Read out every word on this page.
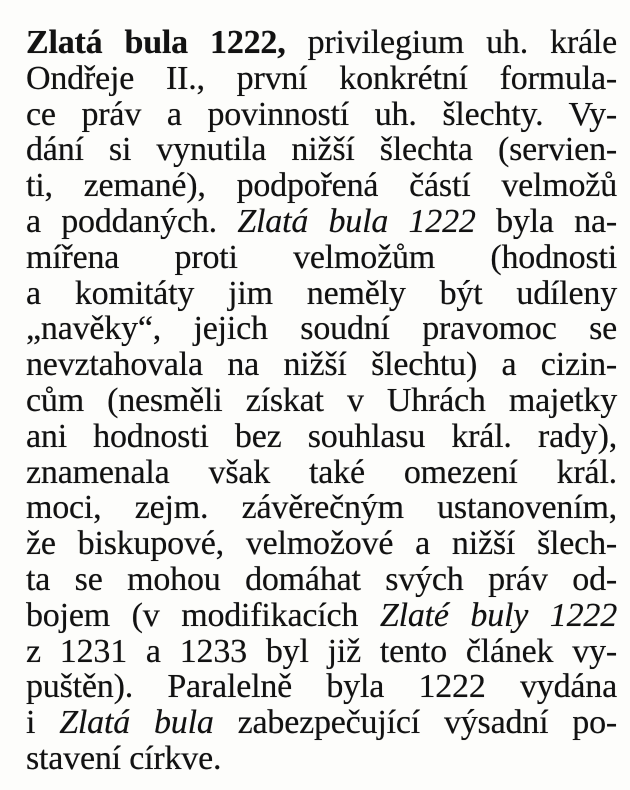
Zlatá bula 1222, privilegium uh. krále
Ondřeje II., první konkrétní formula-
ce práv a povinností uh. šlechty. Vy-
dání si vynutila nižší šlechta (servien-
ti, zemané), podpořená částí velmožů
a poddaných. Zlatá bula 1222 byla na-
mířena proti velmožům (hodnosti
a komitáty jim neměly být udíleny
„navěky“, jejich soudní pravomoc se
nevztahovala na nižší šlechtu) a cizin-
cům (nesměli získat v Uhrách majetky
ani hodnosti bez souhlasu král. rady),
znamenala však také omezení král.
moci, zejm. závěrečným ustanovením,
že biskupové, velmožové a nižší šlech-
ta se mohou domáhat svých práv od-
bojem (v modifikacích Zlaté buly 1222
z 1231 a 1233 byl již tento článek vy-
puštěn). Paralelně byla 1222 vydána
i Zlatá bula zabezpečující výsadní po-
stavení církve.
